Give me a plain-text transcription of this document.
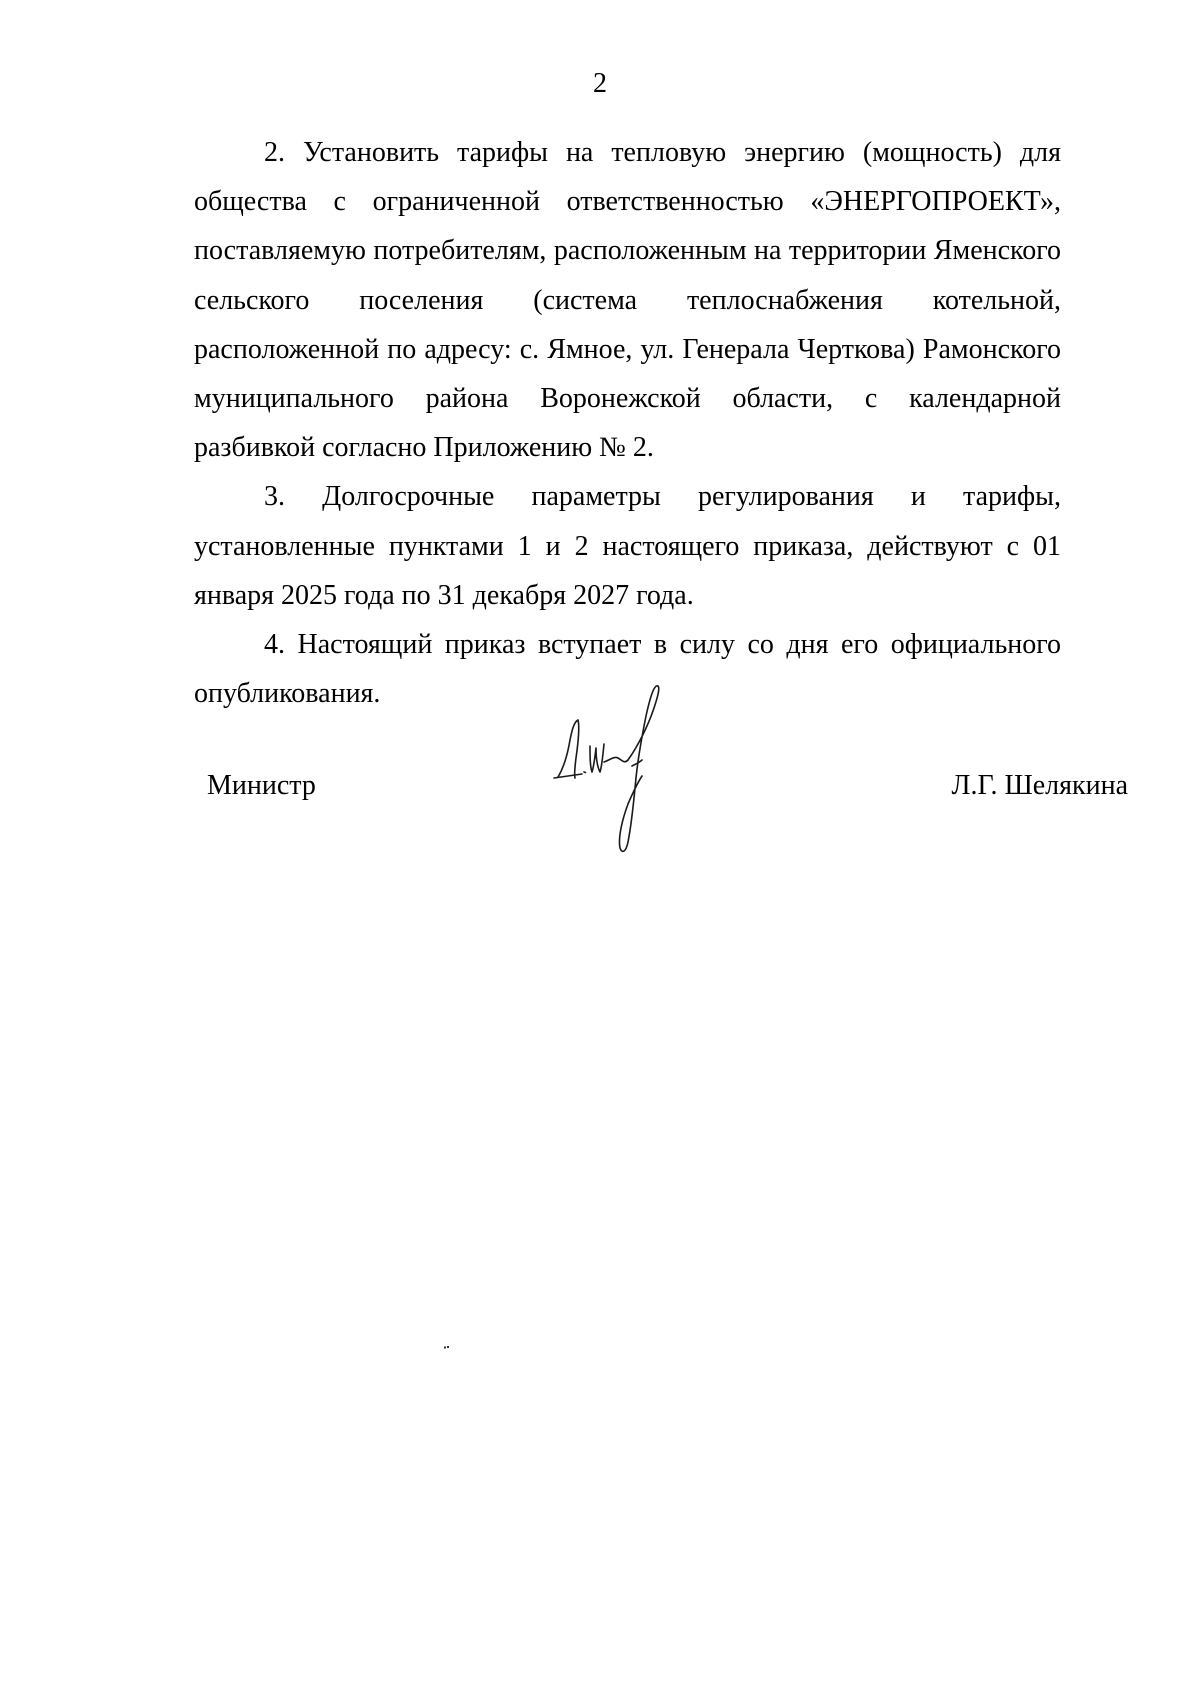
2

2. Установить тарифы на тепловую энергию (мощность) для общества с ограниченной ответственностью «ЭНЕРГОПРОЕКТ», поставляемую потребителям, расположенным на территории Яменского сельского поселения (система теплоснабжения котельной, расположенной по адресу: с. Ямное, ул. Генерала Черткова) Рамонского муниципального района Воронежской области, с календарной разбивкой согласно Приложению № 2.

3. Долгосрочные параметры регулирования и тарифы, установленные пунктами 1 и 2 настоящего приказа, действуют с 01 января 2025 года по 31 декабря 2027 года.

4. Настоящий приказ вступает в силу со дня его официального опубликования.

Министр	Л.Г. Шелякина
